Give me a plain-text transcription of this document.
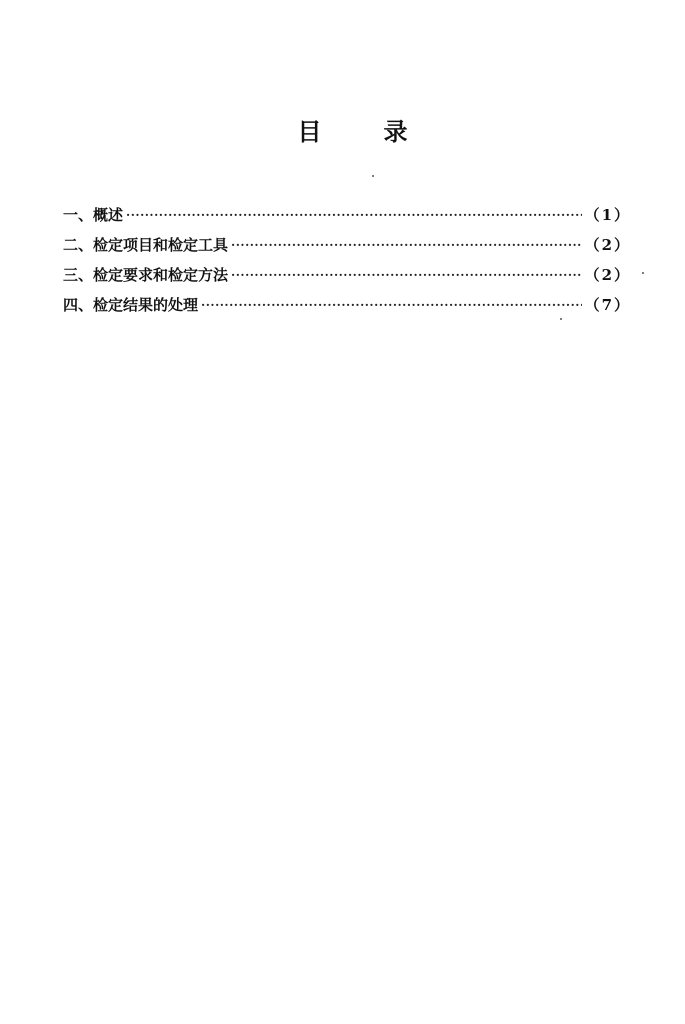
目	录
一、 概述 ·····	（1）
二、 检定项目和检定工具 ·····	（2）
三、 检定要求和检定方法 ·····	（2）
四、 检定结果的处理 ·····	（7）
